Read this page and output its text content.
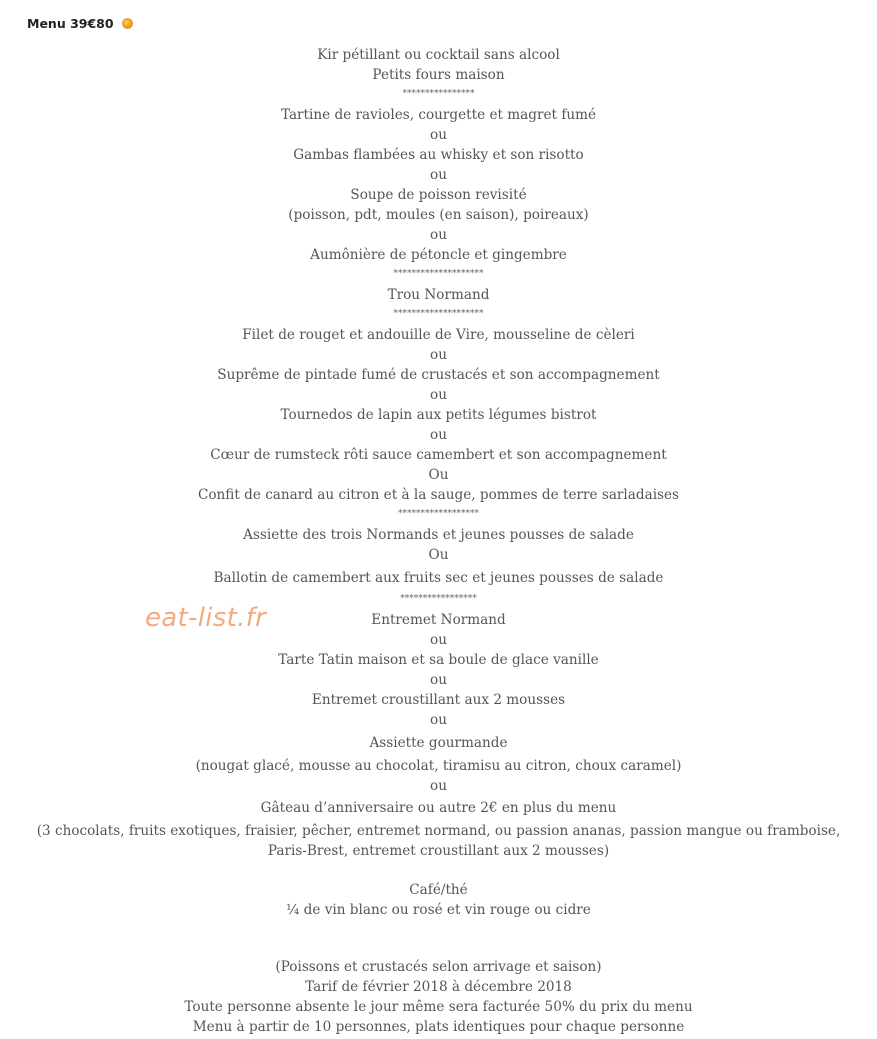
Menu 39€80
eat-list.fr
Kir pétillant ou cocktail sans alcool
Petits fours maison
****************
Tartine de ravioles, courgette et magret fumé
ou
Gambas flambées au whisky et son risotto
ou
Soupe de poisson revisité
(poisson, pdt, moules (en saison), poireaux)
ou
Aumônière de pétoncle et gingembre
********************
Trou Normand
********************
Filet de rouget et andouille de Vire, mousseline de cèleri
ou
Suprême de pintade fumé de crustacés et son accompagnement
ou
Tournedos de lapin aux petits légumes bistrot
ou
Cœur de rumsteck rôti sauce camembert et son accompagnement
Ou
Confit de canard au citron et à la sauge, pommes de terre sarladaises
******************
Assiette des trois Normands et jeunes pousses de salade
Ou
Ballotin de camembert aux fruits sec et jeunes pousses de salade
*****************
Entremet Normand
ou
Tarte Tatin maison et sa boule de glace vanille
ou
Entremet croustillant aux 2 mousses
ou
Assiette gourmande
(nougat glacé, mousse au chocolat, tiramisu au citron, choux caramel)
ou
Gâteau d’anniversaire ou autre 2€ en plus du menu
(3 chocolats, fruits exotiques, fraisier, pêcher, entremet normand, ou passion ananas, passion mangue ou framboise,
Paris-Brest, entremet croustillant aux 2 mousses)
Café/thé
¼ de vin blanc ou rosé et vin rouge ou cidre
(Poissons et crustacés selon arrivage et saison)
Tarif de février 2018 à décembre 2018
Toute personne absente le jour même sera facturée 50% du prix du menu
Menu à partir de 10 personnes, plats identiques pour chaque personne
